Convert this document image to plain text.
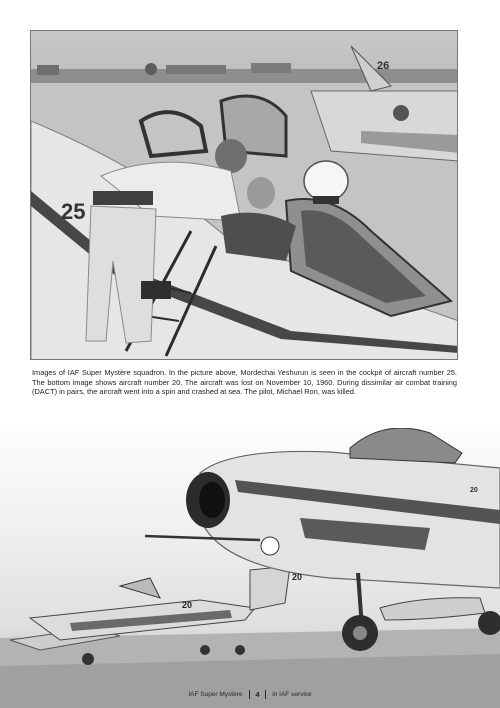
25
26

Images of IAF Super Mystère squadron. In the picture above, Mordechai Yeshurun is seen in the cockpit of aircraft number 25. The bottom image shows aircraft number 20. The aircraft was lost on November 10, 1960. During dissimilar air combat training (DACT) in pairs, the aircraft went into a spin and crashed at sea. The pilot, Michael Ron, was killed.

20
20
20
IAF Super Mystère 4 in IAF service
